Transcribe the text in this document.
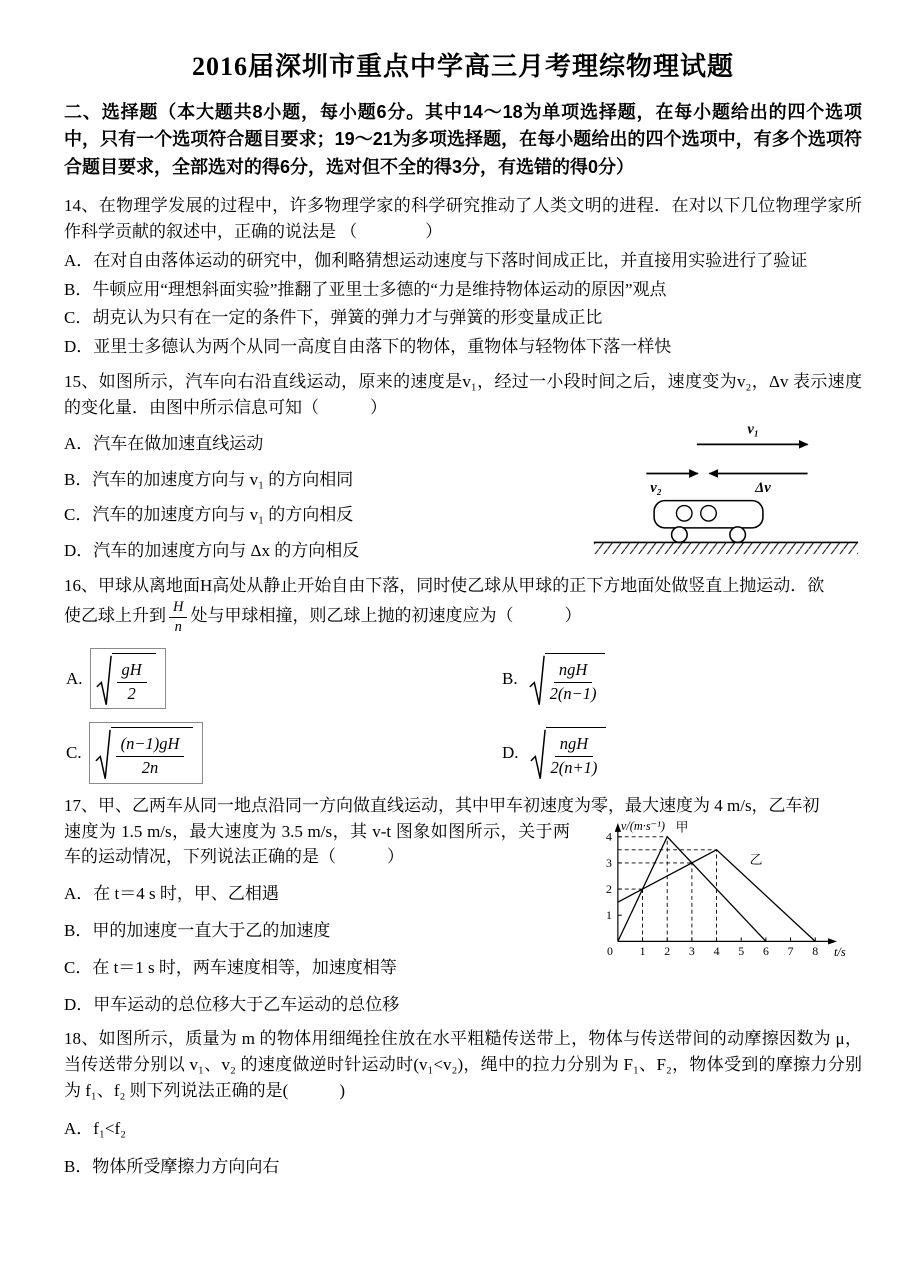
2016届深圳市重点中学高三月考理综物理试题

二、选择题（本大题共8小题，每小题6分。其中14～18为单项选择题，在每小题给出的四个选项中，只有一个选项符合题目要求；19～21为多项选择题，在每小题给出的四个选项中，有多个选项符合题目要求，全部选对的得6分，选对但不全的得3分，有选错的得0分）

14、在物理学发展的过程中，许多物理学家的科学研究推动了人类文明的进程．在对以下几位物理学家所作科学贡献的叙述中，正确的说法是 （　　　　）

A．在对自由落体运动的研究中，伽利略猜想运动速度与下落时间成正比，并直接用实验进行了验证

B．牛顿应用“理想斜面实验”推翻了亚里士多德的“力是维持物体运动的原因”观点

C．胡克认为只有在一定的条件下，弹簧的弹力才与弹簧的形变量成正比

D．亚里士多德认为两个从同一高度自由落下的物体，重物体与轻物体下落一样快

15、如图所示，汽车向右沿直线运动，原来的速度是v₁，经过一小段时间之后，速度变为v₂，Δv 表示速度的变化量．由图中所示信息可知（　　　）

A．汽车在做加速直线运动

B．汽车的加速度方向与 v₁ 的方向相同

C．汽车的加速度方向与 v₁ 的方向相反

D．汽车的加速度方向与 Δx 的方向相反

v₁
v₂	Δv

16、甲球从离地面H高处从静止开始自由下落，同时使乙球从甲球的正下方地面处做竖直上抛运动．欲

使乙球上升到 $\frac{H}{n}$ 处与甲球相撞，则乙球上抛的初速度应为（　　　）

A. $\frac{gH}{2}$	B. $\frac{\text{ngH}}{2(n-1)}$
C. $\frac{(n-1)gH}{2n}$	D. $\frac{\text{ngH}}{2(n+1)}$

17、甲、乙两车从同一地点沿同一方向做直线运动，其中甲车初速度为零，最大速度为 4 m/s，乙车初

速度为 1.5 m/s，最大速度为 3.5 m/s，其 v-t 图象如图所示，关于两车的运动情况，下列说法正确的是（　　　）

A．在 t＝4 s 时，甲、乙相遇

B．甲的加速度一直大于乙的加速度

C．在 t＝1 s 时，两车速度相等，加速度相等

D．甲车运动的总位移大于乙车运动的总位移

1
2
3
4
1 2 3 4 5 6 7 8
0
甲
乙
v/(m·s⁻¹)
t/s

18、如图所示，质量为 m 的物体用细绳拴住放在水平粗糙传送带上，物体与传送带间的动摩擦因数为 μ，当传送带分别以 v₁、v₂ 的速度做逆时针运动时(v₁<v₂)，绳中的拉力分别为 F₁、F₂，物体受到的摩擦力分别为 f₁、f₂ 则下列说法正确的是(　　　)

A．f₁<f₂

B．物体所受摩擦力方向向右
